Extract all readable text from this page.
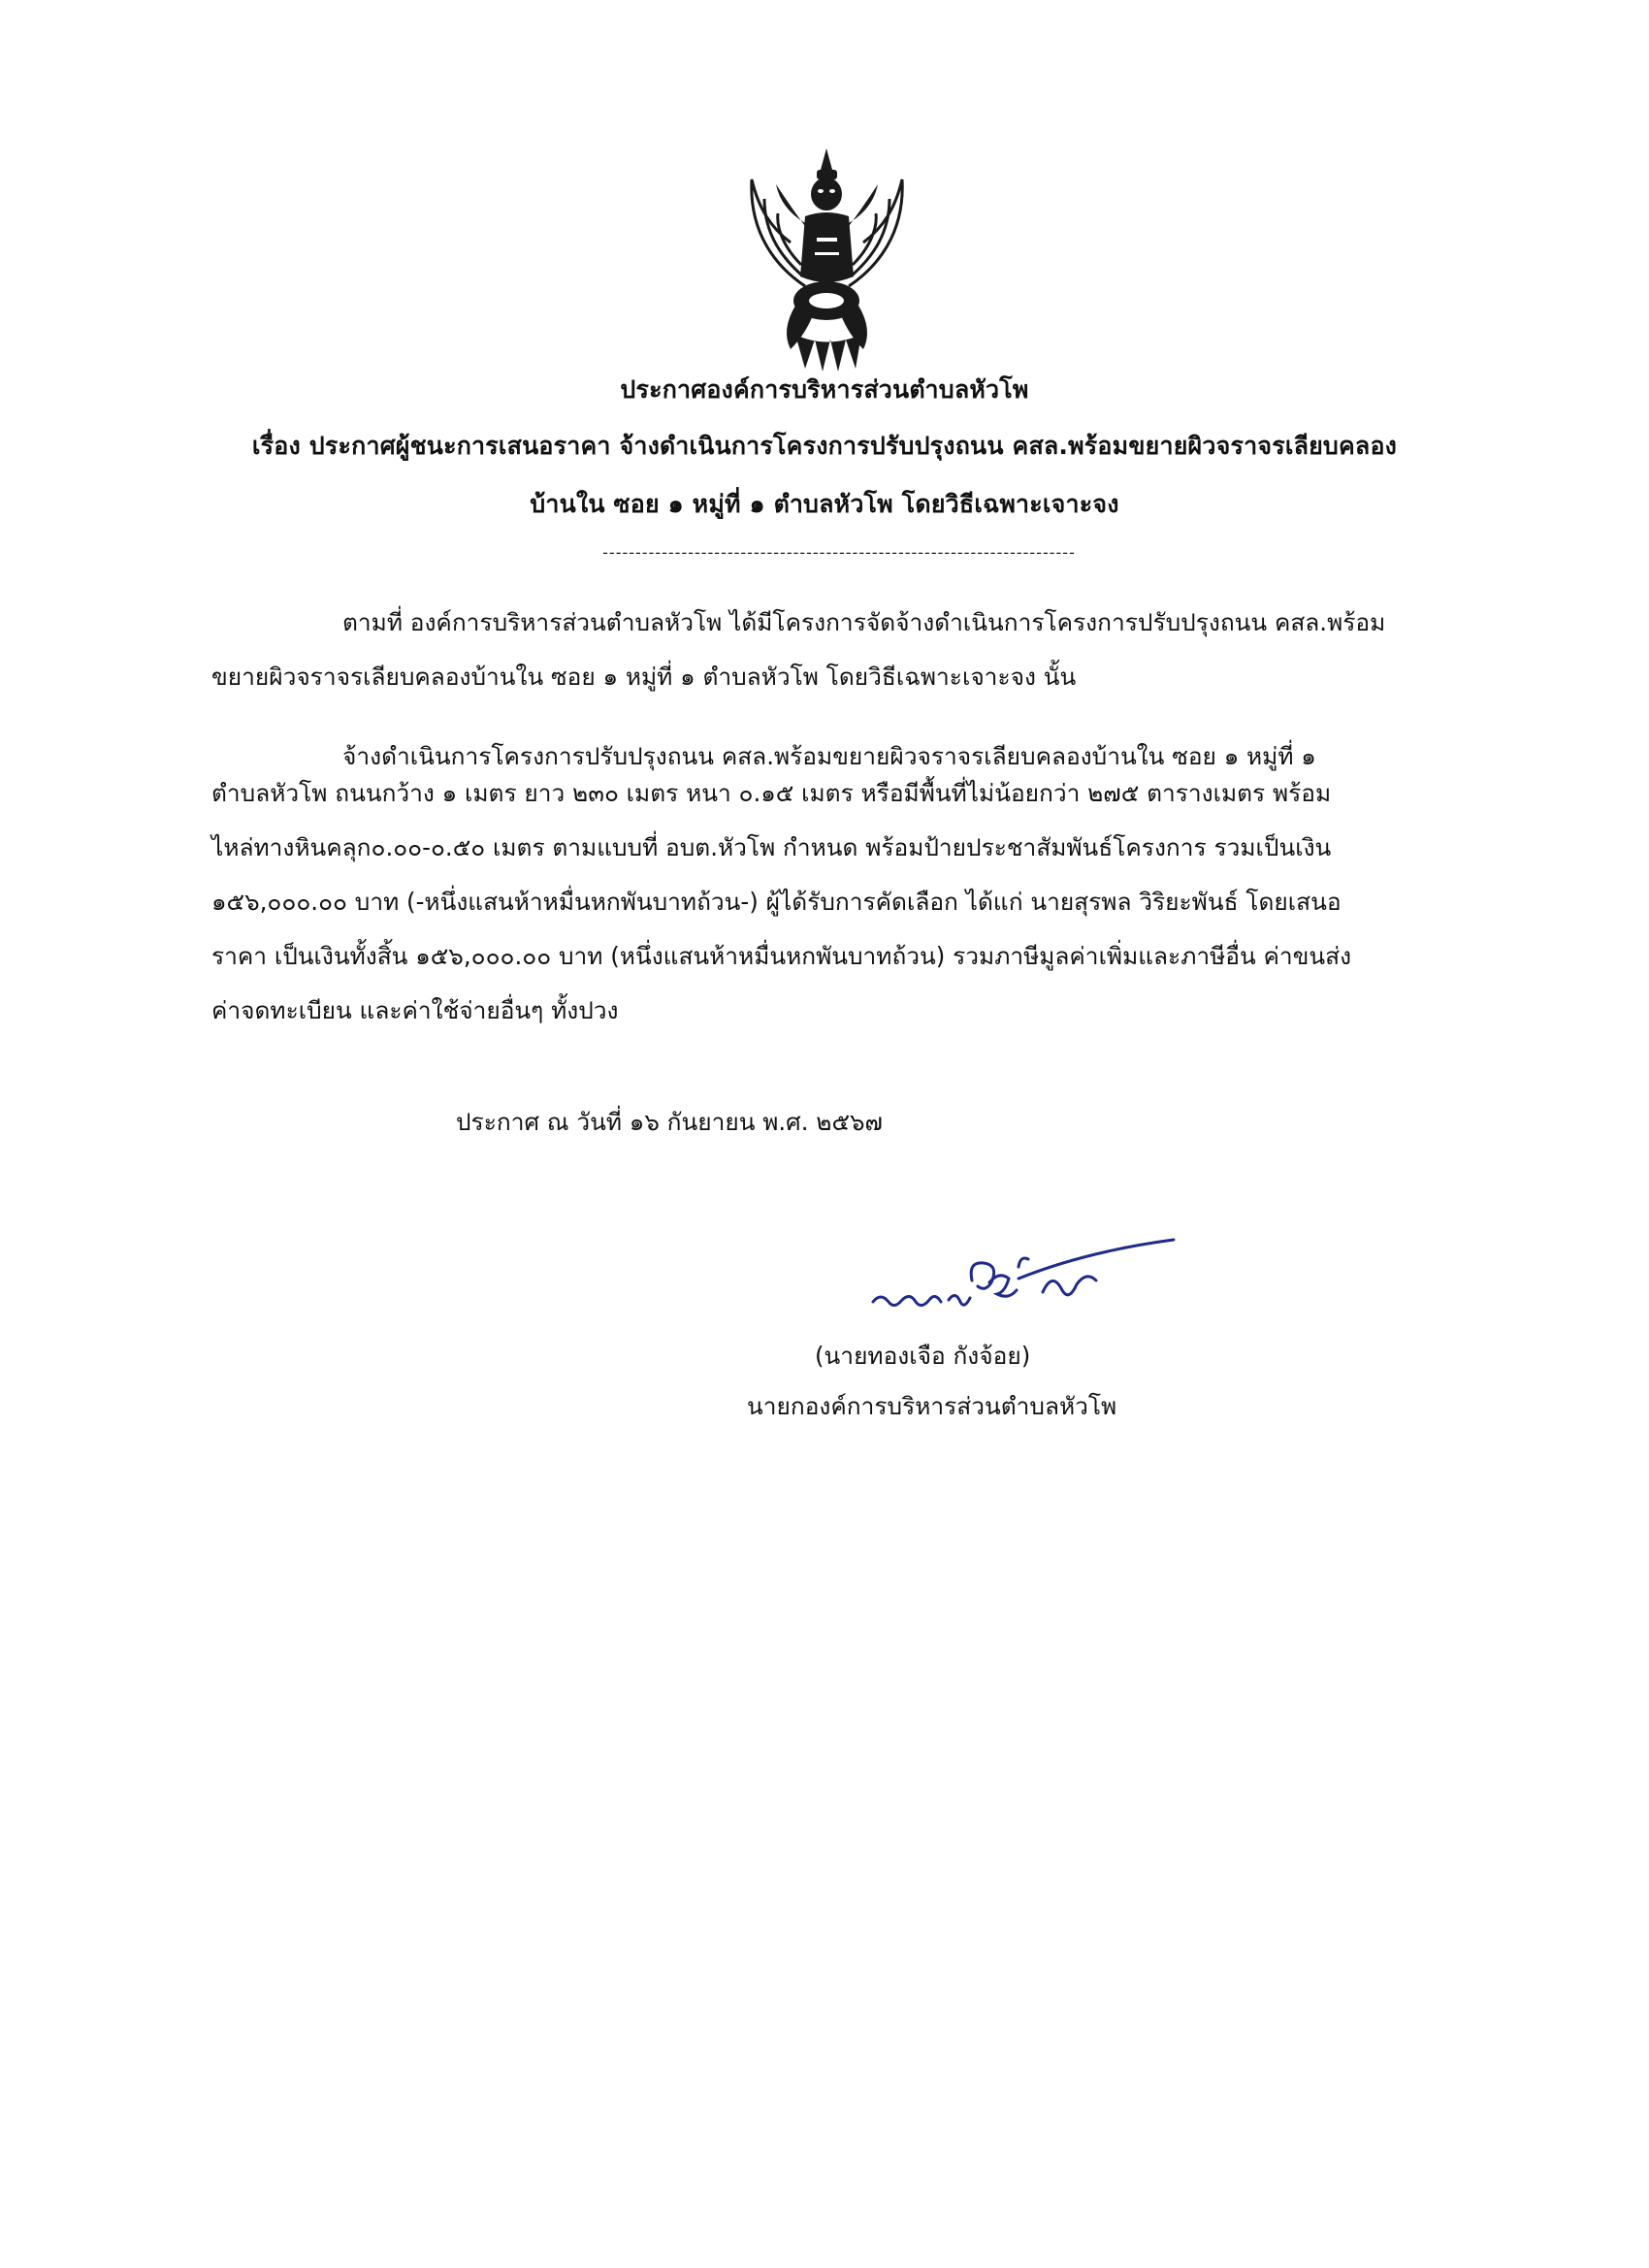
ประกาศองค์การบริหารส่วนตำบลหัวโพ
เรื่อง ประกาศผู้ชนะการเสนอราคา จ้างดำเนินการโครงการปรับปรุงถนน คสล.พร้อมขยายผิวจราจรเลียบคลอง
บ้านใน ซอย ๑ หมู่ที่ ๑ ตำบลหัวโพ โดยวิธีเฉพาะเจาะจง
------------------------------------------------------------------------
ตามที่ องค์การบริหารส่วนตำบลหัวโพ ได้มีโครงการจัดจ้างดำเนินการโครงการปรับปรุงถนน คสล.พร้อม
ขยายผิวจราจรเลียบคลองบ้านใน ซอย ๑ หมู่ที่ ๑ ตำบลหัวโพ โดยวิธีเฉพาะเจาะจง นั้น
จ้างดำเนินการโครงการปรับปรุงถนน คสล.พร้อมขยายผิวจราจรเลียบคลองบ้านใน ซอย ๑ หมู่ที่ ๑
ตำบลหัวโพ ถนนกว้าง ๑ เมตร ยาว ๒๓๐ เมตร หนา ๐.๑๕ เมตร หรือมีพื้นที่ไม่น้อยกว่า ๒๗๕ ตารางเมตร พร้อม
ไหล่ทางหินคลุก๐.๐๐-๐.๕๐ เมตร ตามแบบที่ อบต.หัวโพ กำหนด พร้อมป้ายประชาสัมพันธ์โครงการ รวมเป็นเงิน
๑๕๖,๐๐๐.๐๐ บาท (-หนึ่งแสนห้าหมื่นหกพันบาทถ้วน-) ผู้ได้รับการคัดเลือก ได้แก่ นายสุรพล วิริยะพันธ์ โดยเสนอ
ราคา เป็นเงินทั้งสิ้น ๑๕๖,๐๐๐.๐๐ บาท (หนึ่งแสนห้าหมื่นหกพันบาทถ้วน) รวมภาษีมูลค่าเพิ่มและภาษีอื่น ค่าขนส่ง
ค่าจดทะเบียน และค่าใช้จ่ายอื่นๆ ทั้งปวง
ประกาศ ณ วันที่ ๑๖ กันยายน พ.ศ. ๒๕๖๗
(นายทองเจือ กังจ้อย)
นายกองค์การบริหารส่วนตำบลหัวโพ
